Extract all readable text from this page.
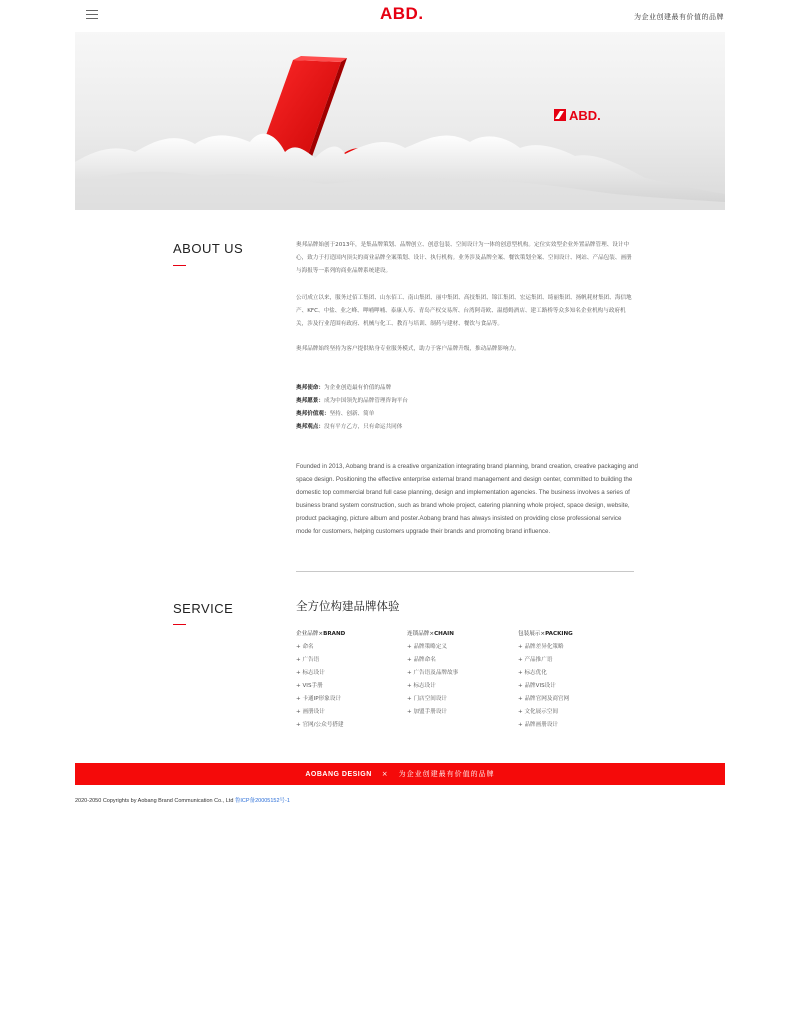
ABD.	为企业创建最有价值的品牌
ABD.
ABOUT US	奥邦品牌始创于2013年，是集品牌策划、品牌创立、创意包装、空间设计为一体的创意型机构。定位实效型企业外置品牌管理、设计中心，致力于打造国内顶尖的商业品牌全案策划、设计、执行机构。业务涉及品牌全案、餐饮策划全案、空间设计、网站、产品包装、画册与海报等一系列的商业品牌系统建设。
公司成立以来，服务过佰工集团、山东佰工、南山集团、丽中集团、高技集团、锦江集团、宏运集团、绮丽集团、扬帆耗材集团、海信地产、KFC、中盐、业之峰、呷哺呷哺、泰康人寿、青岛产权交易所、台湾阿奇欧、温德姆酒店、建工路桥等众多知名企业机构与政府机关，涉及行业范围有政府、机械与化工、教育与培训、制药与建材、餐饮与食品等。
奥邦品牌始终坚持为客户提供贴身专业服务模式，助力于客户品牌升级，推动品牌影响力。
奥邦使命：为企业创造最有价值的品牌
奥邦愿景：成为中国领先的品牌管理咨询平台
奥邦价值观：坚持、创新、简单
奥邦观点：没有平方乙方，只有命运共同体
Founded in 2013, Aobang brand is a creative organization integrating brand planning, brand creation, creative packaging and space design. Positioning the effective enterprise external brand management and design center, committed to building the domestic top commercial brand full case planning, design and implementation agencies. The business involves a series of business brand system construction, such as brand whole project, catering planning whole project, space design, website, product packaging, picture album and poster.Aobang brand has always insisted on providing close professional service mode for customers, helping customers upgrade their brands and promoting brand influence.
SERVICE	全方位构建品牌体验
企业品牌×BRAND
+ 命名
+ 广告语
+ 标志设计
+ VIS手册
+ 卡通IP形象设计
+ 画册设计
+ 官网/公众号搭建
连锁品牌×CHAIN
+ 品牌策略定义
+ 品牌命名
+ 广告语及品牌故事
+ 标志设计
+ 门店空间设计
+ 加盟手册设计
包装展示×PACKING
+ 品牌差异化策略
+ 产品推广语
+ 标志优化
+ 品牌VIS设计
+ 品牌官网及商官网
+ 文化展示空间
+ 品牌画册设计
AOBANG DESIGN × 为企业创建最有价值的品牌
2020-2050 Copyrights by Aobang Brand Communication Co., Ltd 鲁ICP备20005152号-1
